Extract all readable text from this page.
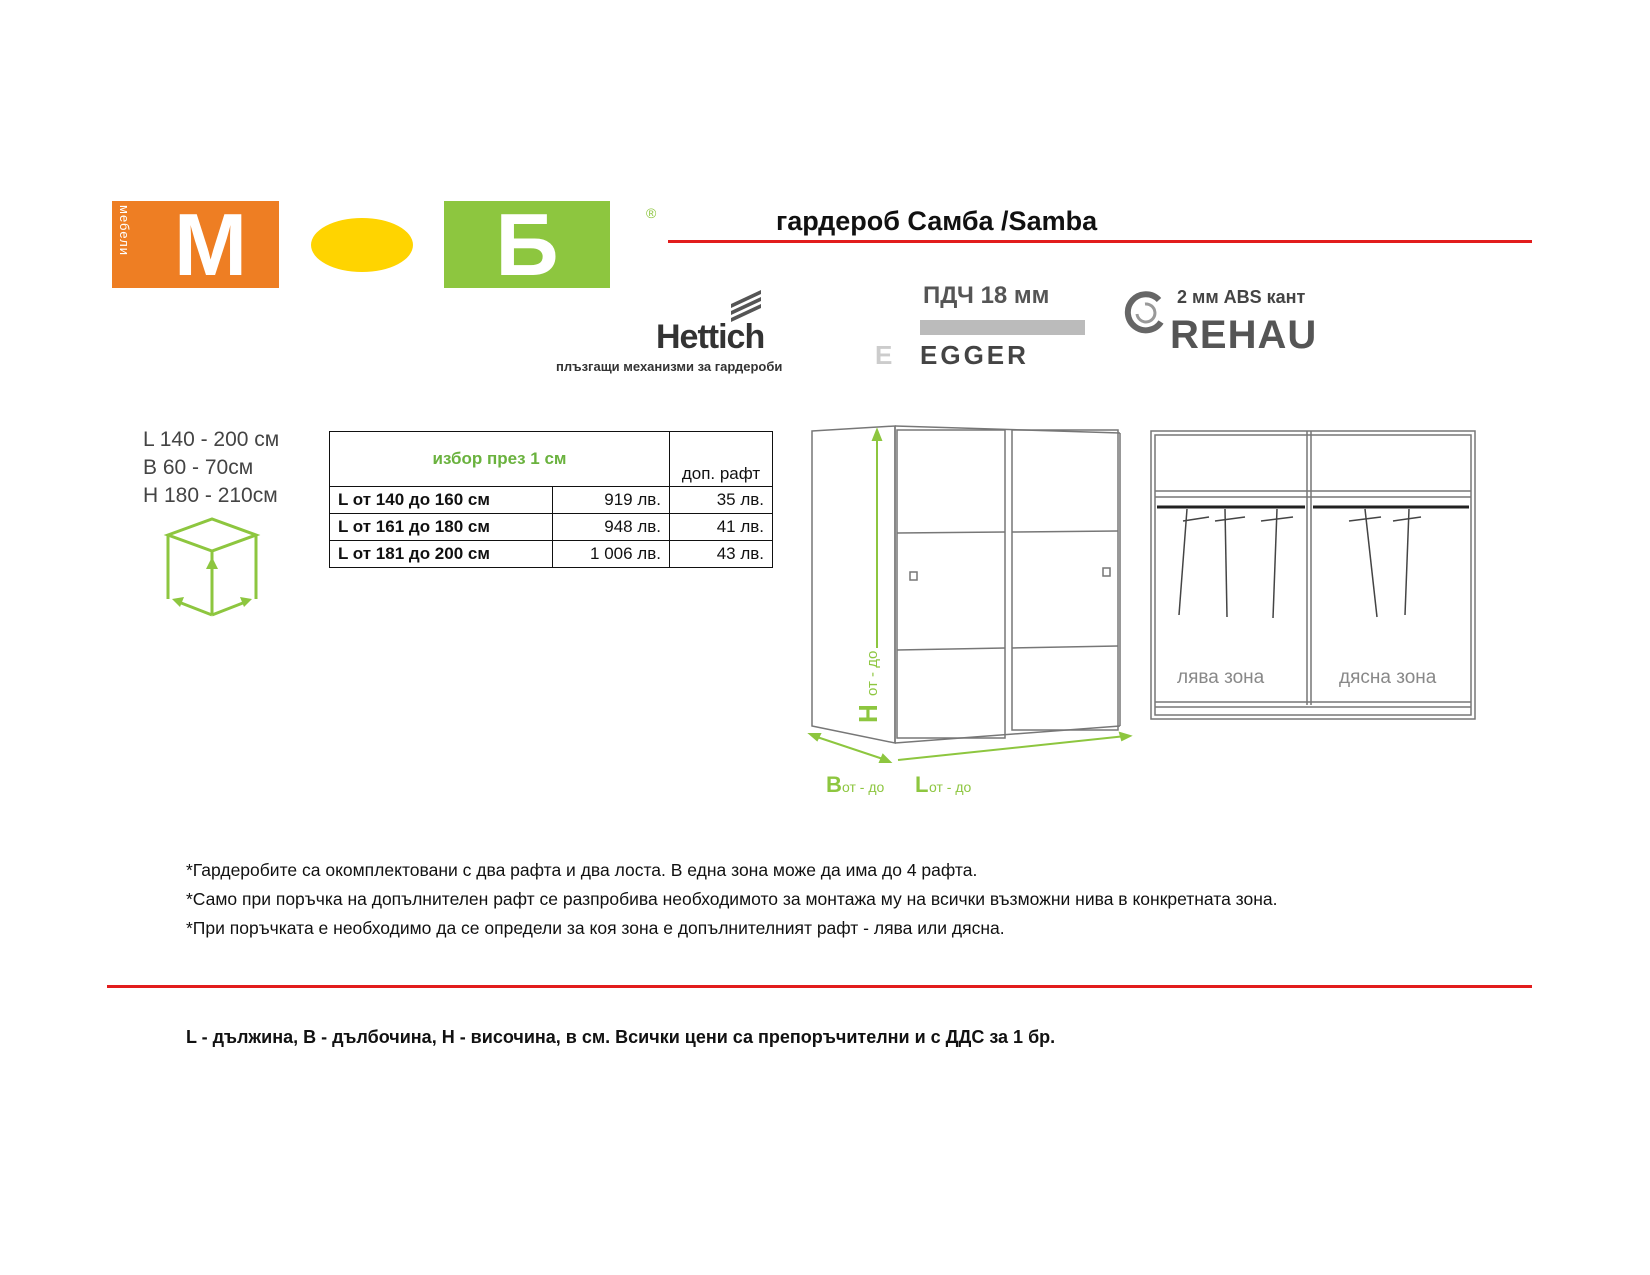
мебели М	О	Б	®	гардероб Самба /Samba
Hettich
плъзгащи механизми за гардероби
ПДЧ 18 мм
E EGGER
2 мм ABS кант
REHAU
L 140 - 200 см
B 60 - 70см
H 180 - 210см
избор през 1 см		доп. рафт
L от 140 до 160 см	919 лв.	35 лв.
L от 161 до 180 см	948 лв.	41 лв.
L от 181 до 200 см	1 006 лв.	43 лв.
H
от - до
B от - до L от - до
лява зона	дясна зона
*Гардеробите са окомплектовани с два рафта и два лоста. В една зона може да има до 4 рафта.
*Само при поръчка на допълнителен рафт се разпробива необходимото за монтажа му на всички възможни нива в конкретната зона.
*При поръчката е необходимо да се определи за коя зона е допълнителният рафт - лява или дясна.
L - дължина, B - дълбочина, H - височина, в см. Всички цени са препоръчителни и с ДДС за 1 бр.
